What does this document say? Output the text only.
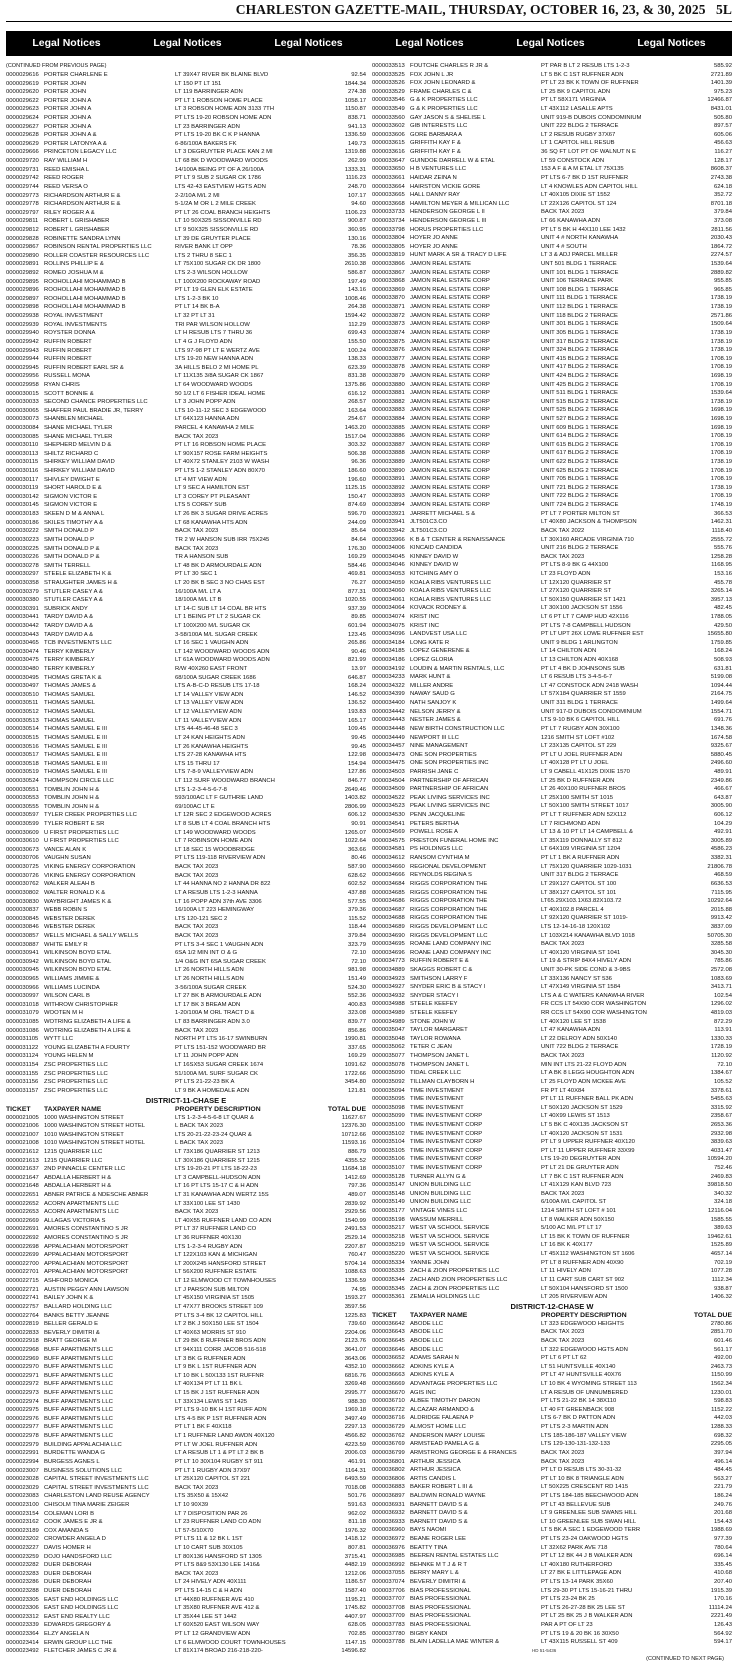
CHARLESTON GAZETTE-MAIL, THURSDAY, OCTOBER 16, 23, & 30, 2025 5L
Legal Notices	Legal Notices	Legal Notices	Legal Notices	Legal Notices	Legal Notices
(CONTINUED FROM PREVIOUS PAGE)
0000029616 PORTER CHARLENE E	LT 39X47 RIVER BK BLAINE BLVD	92.54
0000029619 PORTER JOHN	LT 150 PT LT 151	1844.34
0000029620 PORTER JOHN	LT 119 BARRINGER ADN	274.38
0000029622 PORTER JOHN A	PT LT 1 ROBSON HOME PLACE	1058.17
0000029623 PORTER JOHN A	LT 3 ROBSON HOME ADN 3133 7TH	1150.87
0000029624 PORTER JOHN A	PT LTS 19-20 ROBSON HOME ADN	838.71
0000029627 PORTER JOHN A	LT 23 BARRINGER ADN	941.13
0000029628 PORTER JOHN A &	PT LTS 19-20 BK C K P HANNA	1336.59
0000029629 PORTER LATONYA A &	6-86/100A BAKERS FK	149.73
0000029666 PRINCETON LEGACY LLC	LT 3 DEGRUYTER PLACE KAN 2 MI	1319.88
0000029720 RAY WILLIAM H	LT 68 BK D WOODWARD WOODS	262.99
0000029731 REED EMISHA L	14/100A BEING PT OF A 26/100A	1333.31
0000029742 REED ROGER	PT LT 9 SUB 2 SUGAR CK 1786	1116.23
0000029744 REED VERSA O	LTS 42-43 EASTVIEW HGTS ADN	248.70
0000029773 RICHARDSON ARTHUR E &	2-2/10A M/L 2 MI	107.17
0000029778 RICHARDSON ARTHUR E &	5-1/2A M OR L 2 MILE CREEK	94.60
0000029797 RILEY ROGER A &	PT LT 26 COAL BRANCH HEIGHTS	1106.23
0000029811 ROBERT L GRISHABER	LT 10 50X325 SISSONVILLE RD	900.87
0000029812 ROBERT L GRISHABER	LT 9 50X325 SISSONVILLE RD	360.95
0000029828 ROBINETTE SANDRA LYNN	LT 39 DE GRUYTER PLACE	130.16
0000029867 ROBINSON RENTAL PROPERTIES LLC	RIVER BANK LT OPP	78.36
0000029890 ROLLER COASTER RESOURCES LLC	LTS 2 THRU 8 SEC 1	356.35
0000029891 ROLLINS PHILLIP E &	LT 75X100 SUGAR CK DR 1800	2610.38
0000029892 ROMEO JOSHUA M &	LTS 2-3 WILSON HOLLOW	586.87
0000029895 ROOHOLLAHI MOHAMMAD B	LT 100X200 ROCKAWAY ROAD	197.49
0000029896 ROOHOLLAHI MOHAMMAD B	PT LT 19 GLEN ELK ESTATE	143.16
0000029897 ROOHOLLAHI MOHAMMAD B	LTS 1-2-3 BK 10	1008.46
0000029898 ROOHOLLAHI MOHAMMAD B	PT LT 14 BK B-A	264.38
0000029938 ROYAL INVESTMENT	LT 32 PT LT 31	1594.42
0000029939 ROYAL INVESTMENTS	TRI PAR WILSON HOLLOW	112.29
0000029940 ROYSTER DONNA	LT H RESUB LTS 7 THRU 36	699.43
0000029942 RUFFIN ROBERT	LT 4 G J FLOYD ADN	155.50
0000029943 RUFFIN ROBERT	LTS 97-98 PT LT E WERTZ AVE	100.24
0000029944 RUFFIN ROBERT	LTS 19-20 NEW HANNA ADN	138.33
0000029945 RUFFIN ROBERT EARL SR &	3A HILLS BELO 2 MI HOME PL	623.39
0000029956 RUSSELL MONA	LT 11X135 3/8A SUGAR CK 1867	831.38
0000029958 RYAN CHRIS	LT 64 WOODWARD WOODS	1375.86
0000030015 SCOTT BONNIE &	50 1/2 LT 6 FISHER IDEAL HOME	616.12
0000030033 SECOND CHANCE PROPERTIES LLC	LT 3 JOHN POPP ADN	268.57
0000030065 SHAFFER PAUL BRADIE JR, TERRY	LTS 10-11-12 SEC 3 EDGEWOOD	163.64
0000030073 SHANBLEN MICHAEL	LT 64X123 HANNA ADN	254.67
0000030084 SHANE MICHAEL TYLER	PARCEL 4 KANAWHA 2 MILE	1463.20
0000030085 SHANE MICHAEL TYLER	BACK TAX 2023	1517.04
0000030110 SHEPHERD MELVIN D &	PT LT 16 ROBSON HOME PLACE	303.32
0000030113 SHILTZ RICHARD C	LT 90X157 ROSE FARM HEIGHTS	506.38
0000030115 SHIRKEY WILLIAM DAVID	LT 40X72 STANLEY 2103 W WASH	96.36
0000030116 SHIRKEY WILLIAM DAVID	PT LTS 1-2 STANLEY ADN 80X70	186.60
0000030117 SHIVLEY DWIGHT E	LT 4 MT VIEW ADN	196.60
0000030119 SHORT HAROLD E &	LT 9 SEC A HAMILTON EST	1125.15
0000030142 SIGMON VICTOR E	LT 3 COREY PT PLEASANT	150.47
0000030145 SIGMON VICTOR E	LTS 5 COREY SUB	874.69
0000030183 SKEEN D M & ANNA L	LT 26 BK 3 SUGAR DRIVE ACRES	596.70
0000030186 SKILES TIMOTHY A &	LT 68 KANAWHA HTS ADN	244.09
0000030222 SMITH DONALD P	BACK TAX 2023	85.64
0000030223 SMITH DONALD P	TR 2 W HANSON SUB IRR 75X245	84.64
0000030225 SMITH DONALD P &	BACK TAX 2023	176.30
0000030226 SMITH DONALD P &	TR A HANSON SUB	169.29
0000030278 SMITH TERRELL	LT 48 BK D ARMOURDALE ADN	584.46
0000030297 STEELE ELIZABETH K &	PT LT 30 SEC 1	469.81
0000030358 STRAUGHTER JAMES H &	LT 20 BK B SEC 3 NO CHAS EST	76.27
0000030379 STUTLER CASEY A &	16/100A M/L LT A	877.31
0000030380 STUTLER CASEY A &	18/100A M/L LT B	1020.55
0000030391 SUBRICK ANDY	LT 14-C SUB LT 14 COAL BR HTS	937.39
0000030441 TARDY DAVID A &	LT 1 BEING PT LT 2 SUGAR CK	89.85
0000030442 TARDY DAVID A &	LT 100X200 M/L SUGAR CK	601.94
0000030443 TARDY DAVID A &	3-58/100A M/L SUGAR CREEK	123.45
0000030465 TCB INVESTMENTS LLC	LT 16 SEC 1 VAUGHN ADN	265.86
0000030474 TERRY KIMBERLY	LT 142 WOODWARD WOODS ADN	90.46
0000030475 TERRY KIMBERLY	LT 61A WOODWARD WOODS ADN	821.99
0000030480 TERRY KIMBERLY	R/W 40X260 EAST FRONT	13.97
0000030495 THOMAS GRETA K &	68/100A SUGAR CREEK 1686	646.87
0000030497 THOMAS JAMES &	LTS A-B-C-D RESUB LTS 17-18	168.24
0000030510 THOMAS SAMUEL	LT 14 VALLEY VIEW ADN	146.52
0000030511 THOMAS SAMUEL	LT 13 VALLEY VIEW ADN	136.52
0000030512 THOMAS SAMUEL	LT 12 VALLEYVIEW ADN	193.83
0000030513 THOMAS SAMUEL	LT 11 VALLEYVIEW ADN	165.17
0000030514 THOMAS SAMUEL E III	LTS 44-45-46-48 SEC 3	109.45
0000030515 THOMAS SAMUEL E III	LT 24 KAN HEIGHTS ADN	99.45
0000030516 THOMAS SAMUEL E III	LT 26 KANAWHA HEIGHTS	99.45
0000030517 THOMAS SAMUEL E III	LTS 27-28 KANAWHA HTS	122.98
0000030518 THOMAS SAMUEL E III	LTS 15 THRU 17	154.94
0000030519 THOMAS SAMUEL E III	LTS 7-8-9 VALLEYVIEW ADN	127.86
0000030524 THOMPSON CIRCLE LLC	LT 112 SURF WOODWARD BRANCH	846.77
0000030551 TOMBLIN JOHN H &	LTS 1-2-3-4-5-6-7-8	2649.46
0000030553 TOMBLIN JOHN H &	593/100AC LT F GUTHRIE LAND	1403.82
0000030555 TOMBLIN JOHN H &	69/100AC LT E	2806.99
0000030597 TYLER CREEK PROPERTIES LLC	LT 12R SEC 2 EDGEWOOD ACRES	606.12
0000030599 TYLER ROBERT E SR	LT 8 SUB LT 4 COAL BRANCH HTS	90.91
0000030609 U FIRST PROPERTIES LLC	LT 149 WOODWARD WOODS	1265.07
0000030610 U FIRST PROPERTIES LLC	LT 7 ROBINSON HOME ADN	1022.64
0000030673 VANCE ALAN K	LT 18 SEC 15 WOODBRIDGE	363.66
0000030706 VAUGHN SUSAN	PT LTS 119-118 RIVERVIEW ADN	80.46
0000030725 VIKING ENERGY CORPORATION	BACK TAX 2023	587.90
0000030726 VIKING ENERGY CORPORATION	BACK TAX 2023	628.62
0000030762 WALKER ALEAH B	LT 44 HANNA NO 2 HANNA DR 822	602.52
0000030802 WALTER RONALD K &	LT A RESUB LTS 1-2-3 HANNA	437.88
0000030830 WAYBRIGHT JAMES K &	LT 16 POPP ADN 37th AVE 3306	577.55
0000030837 WEBB ROBIN S	16/100A LT 223 HEMINGWAY	379.36
0000030845 WEBSTER DEREK	LTS 120-121 SEC 2	115.52
0000030846 WEBSTER DEREK	BACK TAX 2023	118.44
0000030857 WELLS MICHAEL & SALLY WELLS	BACK TAX 2023	379.84
0000030887 WHITE EMILY R	PT LTS 3-4 SEC 1 VAUGHN ADN	323.79
0000030941 WILKINSON BOYD ETAL	6SA 1/2 MIN INT O & G	72.10
0000030942 WILKINSON BOYD ETAL	1/4 O&G INT 6SA SUGAR CREEK	72.10
0000030945 WILKINSON BOYD ETAL	LT 26 NORTH HILLS ADN	981.98
0000030965 WILLIAMS JIMMIE &	LT 26 NORTH HILLS ADN	151.49
0000030966 WILLIAMS LUCINDA	3-56/100A SUGAR CREEK	524.30
0000030997 WILSON CARL B	LT 27 BK B ARMOURDALE ADN	552.36
0000031018 WITHROW CHRISTOPHER	LT 17 BK 3 BREAM ADN	400.83
0000031079 WOOTEN M H	1-20/100A M ORL TRACT D &	323.08
0000031085 WOTRING ELIZABETH A LIFE &	LT 83 BARRINGER ADN 3.0	839.77
0000031086 WOTRING ELIZABETH A LIFE &	BACK TAX 2023	856.86
0000031105 WYTT LLC	NORTH PT LTS 16-17 SWINBURN	1990.81
0000031122 YOUNG ELIZABETH A FOURTY	PT LTS 151-152 WOODWARD BR	337.65
0000031124 YOUNG HELEN M	LT 11 JOHN POPP ADN	169.29
0000031154 ZSC PROPERTIES LLC	LT 16SX53 SUGAR CREEK 1674	1091.62
0000031155 ZSC PROPERTIES LLC	51/100A M/L SURF SUGAR CK	1722.66
0000031156 ZSC PROPERTIES LLC	PT LTS 21-22-23 BK A	3454.80
0000031157 ZSC PROPERTIES LLC	LT 9 BK A HOMEDALE ADN	121.81
DISTRICT-11-CHASE E
TICKET	TAXPAYER NAME	PROPERTY DESCRIPTION	TOTAL DUE
0000021005 1000 WASHINGTON STREET	LTS 1-2-3-4-5-6-8 LT QUAR &	11627.67
0000021006 1000 WASHINGTON STREET HOTEL	L BACK TAX 2023	12376.30
0000021007 1010 WASHINGTON STREET	LTS 20-21-22-23-24 QUAR &	10712.66
0000021008 1010 WASHINGTON STREET HOTEL	L BACK TAX 2023	11593.16
0000021612 1215 QUARRIER LLC	LT 73X186 QUARRIER ST 1213	886.79
0000021613 1215 QUARRIER LLC	LT 30X186 QUARRIER ST 1215	4355.52
0000021637 2ND PINNACLE CENTER LLC	LTS 19-20-21 PT LTS 18-22-23	11684.18
0000021647 ABDALLA HERBERT H &	LT 3 CAMPBELL-HUDSON ADN	1412.69
0000021648 ABDALLA HERBERT H &	LT 16 PT LTS 15-17 C & H ADN	797.36
0000022651 ABNER PATRICE & NDESCHE ABNER	LT 31 KANAWHA ADN WERTZ 15S	489.07
0000022652 ACORN APARTMENTS LLC	LT 33X100 LEE ST 1430	2839.92
0000022653 ACORN APARTMENTS LLC	BACK TAX 2023	2929.56
0000022669 ALLAGAS VICTORIA S	LT 40X55 RUFFNER LAND CO ADN	1540.99
0000022691 AMORES CONSTANTINO S JR	PT LT 37 RUFFNER LAND CO	2491.53
0000022692 AMORES CONSTANTINO S JR	LT 36 RUFFNER 40X130	2529.14
0000022698 APPALACHIAN MOTORSPORT	LTS 1-2-3-4 RUGBY ADN	2207.87
0000022699 APPALACHIAN MOTORSPORT	LT 122X103 KAN & MICHIGAN	760.47
0000022700 APPALACHIAN MOTORSPORT	LT 200X245 HANSFORD STREET	5704.14
0000022701 APPALACHIAN MOTORSPORT	LT 56X200 RUFFNER ESTATE	1088.63
0000022715 ASHFORD MONICA	LT 12 ELMWOOD CT TOWNHOUSES	1336.59
0000022721 AUSTIN PEGGY ANN LAWSON	LT J PARSON SUB MILTON	74.95
0000022741 BAILEY JOHN K &	LT 45X150 VIRGINIA ST 1505	1593.27
0000022757 BALLARD HOLDING LLC	LT 47X77 BROOKS STREET 109	3597.56
0000022764 BANKS BETTY JEANNE	PT LTS 3-4 BK 12 CAPITOL HILL	1225.83
0000022819 BELLER GERALD E	LT 2 BK J 50X150 LEE ST 1504	739.60
0000022833 BEVERLY DIMITRI &	LT 40X63 MORRIS ST 910	2204.06
0000022918 BRATT GEORGE M	LT 29 BK 8 RUFFNER BROS ADN	2123.76
0000022968 BUFF APARTMENTS LLC	LT 94X111 CORR JACOB 516-518	3641.07
0000022969 BUFF APARTMENTS LLC	LT 3 BK G RUFFNER ADN	3643.06
0000022970 BUFF APARTMENTS LLC	LT 9 BK L 1ST RUFFNER ADN	4352.10
0000022971 BUFF APARTMENTS LLC	LT 10 BK L 50X133 1ST RUFFNR	6816.76
0000022972 BUFF APARTMENTS LLC	LT 40X134 PT LT 11 BK L	3269.48
0000022973 BUFF APARTMENTS LLC	LT 15 BK J 1ST RUFFNER ADN	2995.77
0000022974 BUFF APARTMENTS LLC	LT 33X134 LEWIS ST 1425	988.30
0000022975 BUFF APARTMENTS LLC	PT LTS 9-10 BK H 1ST RUFF ADN	1969.18
0000022976 BUFF APARTMENTS LLC	LTS 4-5 BK P 1ST RUFFNER ADN	3497.49
0000022977 BUFF APARTMENTS LLC	PT LT 1 BK F 40X118	2297.13
0000022978 BUFF APARTMENTS LLC	LT 1 RUFFNER LAND AWDN 40X120	4566.82
0000022979 BUILDING APPALACHIA LLC	PT LT W JOEL RUFFNER ADN	4223.59
0000022991 BURDETTE WANDA G	LT A RESUB LT 1 & PT LT 2 BK B	2006.03
0000022994 BURGESS AGNES L	PT LT 10 30X104 RUGBY ST 911	461.91
0000023007 BUSINESS SOLUTIONS LLC	PT LT 1 RUGBY ADN 37X97	1164.31
0000023028 CAPITAL STREET INVESTMENTS LLC	LT 25X120 CAPITOL ST 221	6493.59
0000023029 CAPITAL STREET INVESTMENTS LLC	BACK TAX 2023	7018.08
0000023083 CHARLESTON LAND REUSE AGENCY	LTS 35X50 & 15X42	501.76
0000023100 CHISOLM TINA MARIE ZEIGER	LT 10 90X39	591.63
0000023154 COLEMAN LORI B	LT 7 DISPOSITION PAR 26	962.02
0000023162 COOK JAMES E JR &	LT 23 RUFFNER LAND CO ADN	811.18
0000023189 COX AMANDA S	LT 57-5/10X70	1976.32
0000023202 CROWDER ANGELA D	PT LTS 11 & 12 BK L 1ST	1418.12
0000023227 DAVIS HOMER H	LT 10 CART SUB 30X105	807.81
0000023259 DOJO HANDSFORD LLC	LT 80X136 HANSFORD ST 1305	3715.41
0000023282 DUER DEBORAH	PT LTS 8&9 53X130 LEE 1416&	4482.19
0000023283 DUER DEBORAH	BACK TAX 2023	1212.06
0000023286 DUER DEBORAH	LT 24 HIVELY ADN 40X111	1186.57
0000023288 DUER DEBORAH	PT LTS 14-15 C & H ADN	1587.40
0000023305 EAST END HOLDINGS LLC	LT 44X80 RUFFNER AVE 410	1195.21
0000023306 EAST END HOLDINGS LLC	LT 35X80 RUFFNER AVE 412 &	1745.82
0000023312 EAST END REALTY LLC	LT 35X44 LEE ST 1442	4407.97
0000023339 EDWARDS GREGORY &	LT 60X520 EAST WILSON WAY	628.05
0000023364 ELZY ANGELA N	PT LT 12 GRANDVIEW ADN	702.85
0000023414 ERWIN GROUP LLC THE	LT 6 ELMWOOD COURT TOWNHOUSES	1147.15
0000023492 FLETCHER JAMES C JR &	LT 81X174 BROAD 216-218-220-	14596.82
0000033513 FOUTCHE CHARLES R JR &	PT PAR B LT 2 RESUB LTS 1-2-3	585.92
0000033525 FOX JOHN L JR	LT 5 BK C 1ST RUFFNER ADN	2721.89
0000033526 FOX JOHN LEONARD &	PT LT 23 BK K TOWN OF RUFFNER	1401.39
0000033529 FRAME CHARLES C &	LT 25 BK 9 CAPITOL ADN	975.23
0000033546 G & K PROPERTIES LLC	PT LT 58X171 VIRGINIA	12466.87
0000033549 G & K PROPERTIES LLC	LT 43X112 LASALLE APTS	8431.01
0000033560 GAY JASON S & SHELISE L	UNIT 919-B DUBOIS CONDOMINIUM	505.80
0000033602 GIB INTERESTS LLC	UNIT 222 BLDG 2 TERRACE	897.57
0000033606 GORE BARBARA A	LT 2 RESUB RUGBY 37X67	605.06
0000033615 GRIFFITH KAY F &	LT 1 CAPITOL HILL RESUB	456.63
0000033616 GRIFFITH KAY F &	36 SQ FT LOT PT OF WALNUT N E	116.27
0000033647 GUINDOE DARRELL W & ETAL	LT 59 CONSTOCK ADN	128.17
0000033650 H B VENTURES LLC	153 A F & A M ETAL LT 75X135	8608.37
0000033661 HAIDAR ZEINA N	PT LTS 6-7 BK D 1ST RUFFNER	2743.38
0000033664 HAIRSTON VICKIE GORE	LT 4 KNOWLES ADN CAPITOL HILL	624.18
0000033665 HALL DANNY RAY	LT 40X105 DIXIE ST 1552	352.72
0000033668 HAMILTON MEYER & MILLICAN LLC	LT 22X126 CAPITOL ST 124	8701.18
0000033733 HENDERSON GEORGE L II	BACK TAX 2023	379.84
0000033734 HENDERSON GEORGE L III	LT 66 KANAWHA ADN	373.08
0000033798 HORUS PROPERTIES LLC	PT LT 5 BK H 44X110 LEE 1432	2811.56
0000033804 HOYER JO ANNE	UNIT 4 # NORTH KANAWHA	2030.43
0000033805 HOYER JO ANNE	UNIT 4 # SOUTH	1864.72
0000033819 HUNT MARK A SR & TRACY D LIFE	LT 3 & ADJ PARCEL MILLER	2274.57
0000033866 JAMON REAL ESTATE	UNT 501 BLDG 1 TERRACE	1539.64
0000033867 JAMON REAL ESTATE CORP	UNIT 101 BLDG 1 TERRACE	2889.82
0000033868 JAMON REAL ESTATE CORP	UNIT 106 TERRACE PARK	955.85
0000033869 JAMON REAL ESTATE CORP	UNIT 108 BLDG 1 TERRACE	965.85
0000033870 JAMON REAL ESTATE CORP	UNIT 111 BLDG 1 TERRACE	1738.19
0000033871 JAMON REAL ESTATE CORP	UNIT 112 BLDG 1 TERRACE	1738.19
0000033872 JAMON REAL ESTATE CORP	UNIT 118 BLDG 2 TERRACE	2571.86
0000033873 JAMON REAL ESTATE CORP	UNIT 301 BLDG 1 TERRACE	1509.64
0000033874 JAMON REAL ESTATE CORP	UNIT 305 BLDG 1 TERRACE	1738.19
0000033875 JAMON REAL ESTATE CORP	UNIT 317 BLDG 2 TERRACE	1738.19
0000033876 JAMON REAL ESTATE CORP	UNIT 324 BLDG 2 TERRACE	1738.19
0000033877 JAMON REAL ESTATE CORP	UNIT 415 BLDG 2 TERRACE	1708.19
0000033878 JAMON REAL ESTATE CORP	UNIT 417 BLDG 2 TERRACE	1708.19
0000033879 JAMON REAL ESTATE CORP	UNIT 424 BLDG 2 TERRACE	1698.19
0000033880 JAMON REAL ESTATE CORP	UNIT 425 BLDG 2 TERRACE	1708.19
0000033881 JAMON REAL ESTATE CORP	UNIT 511 BLDG 1 TERRACE	1539.64
0000033882 JAMON REAL ESTATE CORP	UNIT 515 BLDG 2 TERRACE	1738.19
0000033883 JAMON REAL ESTATE CORP	UNIT 525 BLDG 2 TERRACE	1698.19
0000033884 JAMON REAL ESTATE CORP	UNIT 527 BLDG 2 TERRACE	1698.19
0000033885 JAMON REAL ESTATE CORP	UNIT 609 BLDG 1 TERRACE	1698.19
0000033886 JAMON REAL ESTATE CORP	UNIT 614 BLDG 2 TERRACE	1708.19
0000033887 JAMON REAL ESTATE CORP	UNIT 615 BLDG 2 TERRACE	1708.19
0000033888 JAMON REAL ESTATE CORP	UNIT 617 BLDG 2 TERRACE	1708.19
0000033889 JAMON REAL ESTATE CORP	UNIT 622 BLDG 2 TERRACE	1738.19
0000033890 JAMON REAL ESTATE CORP	UNIT 625 BLDG 2 TERRACE	1708.19
0000033891 JAMON REAL ESTATE CORP	UNIT 705 BLDG 1 TERRACE	1708.19
0000033892 JAMON REAL ESTATE CORP	UNIT 721 BLDG 2 TERRACE	1738.19
0000033893 JAMON REAL ESTATE CORP	UNIT 722 BLDG 2 TERRACE	1708.19
0000033894 JAMON REAL ESTATE CORP	UNIT 724 BLDG 2 TERRACE	1748.19
0000033921 JARRETT MICHAEL S &	PT LT 7 PORTER MILTON ST	366.53
0000033941 JLT501C3.CO	LT 40X80 JACKSON & THOMPSON	1462.31
0000033942 JLT501C3.CO	BACK TAX 2022	1118.40
0000033966 K B & T CENTER & RENAISSANCE	LT 30X160 ARCADE VIRGINIA 710	2555.72
0000034006 KINCAID CANDIDA	UNIT 216 BLDG 2 TERRACE	555.76
0000034045 KINNEY DAVID W	BACK TAX 2023	1258.28
0000034046 KINNEY DAVID W	PT LTS 8-9 BK G 44X100	1168.95
0000034053 KITCHING AMY O	LT 23 FLOYD ADN	153.16
0000034059 KOALA RIBS VENTURES LLC	LT 12X120 QUARRIER ST	455.78
0000034060 KOALA RIBS VENTURES LLC	LT 27X120 QUARRIER ST	3265.14
0000034061 KOALA RIBS VENTURES LLC	LT 50X150 QUARRIER ST 1421	3957.13
0000034064 KOVACK RODNEY &	LT 30X100 JACKSON ST 1556	482.45
0000034074 KRIST INC	LT 6 PT LT 7 CAMP HUD 42X116	1788.05
0000034075 KRIST INC	PT LTS 7-8 CAMPBELL HUDSON	429.50
0000034096 LANDVEST USA LLC	PT LT UPT 26X LOWE RUFFNER EST	15655.80
0000034184 LONG KATE R	UNIT 9 BLDG 1 ARLINGTON	1759.85
0000034185 LOPEZ GENERENE &	LT 14 CHILTON ADN	168.24
0000034186 LOPEZ GLORIA	LT 13 CHILTON ADN 40X168	508.93
0000034192 LOUDIN & MARTIN RENTALS, LLC	PT LT 4 BK D JOHNSONS SUB	631.81
0000034233 MARK HUNT &	LT 6 RESUB LTS 3-4-5-6-7	5199.08
0000034322 MILLER ANDRE	LT 47 CONSTOCK ADN 2418 WASH	1094.44
0000034399 NAWAY SAUD G	LT 57X184 QUARRIER ST 1559	2164.75
0000034400 NATH SANJOY K	UNIT 311 BLDG 1 TERRACE	1499.64
0000034442 NELSON JERRY &	UNIT 917-D DUBOIS CONDOMINIUM	1554.71
0000034443 NESTER JAMES &	LTS 9-10 BK 6 CAPITOL HILL	691.76
0000034448 NEW BIRTH CONSTRUCTION LLC	PT LT 7 RUGBY ADN 30X100	1348.36
0000034449 NEWPORT III LLC	1216 SMITH ST LOFT #102	1674.58
0000034457 NINE MANAGEMENT	LT 23X135 CAPITOL ST 229	9325.67
0000034473 ONE SON PROPERTIES	PT LT U JOEL RUFFNER ADN	5880.45
0000034475 ONE SON PROPERTIES INC	LT 40X128 PT LT U JOEL	2496.60
0000034503 PARRISH JANE C	LT 9 CABELL 41X125 DIXIE 1570	489.91
0000034504 PARTNERSHIP OF AFRICAN	LT 25 BK D RUFFNER ADN	2349.86
0000034509 PARTNERSHIP OF AFRICAN	LT 26 40X100 RUFFNER BROS	466.67
0000034522 PEAK LIVING SERVICES INC	LT 25X100 SMITH ST 1015	643.87
0000034523 PEAK LIVING SERVICES INC	LT 50X100 SMITH STREET 1017	3005.90
0000034530 PENN JACQUELINE	PT LT T RUFFNER ADN 52X112	606.12
0000034541 PETERS BERTHA	LT 7 RICHMOND ADN	104.29
0000034569 POWELL ROSE A	LT 13 & 10 PT LT 14 CAMPBELL &	492.91
0000034575 PRESTON FUNERAL HOME INC	LT 35X119 DONNALLY ST 812	3005.89
0000034581 PS HOLDINGS LLC	LT 64X109 VIRGINIA ST 1204	4586.23
0000034612 RANSOM CYNTHIA M	PT LT 1 BK A RUFFNER ADN	3382.31
0000034660 REGIONAL DEVELOPMENT	LT 75X120 QUARRIER 1029-1031	21806.78
0000034666 REYNOLDS REGINA S	UNIT 317 BLDG 2 TERRACE	468.59
0000034684 RIGGS CORPORATION THE	LT 29X127 CAPITOL ST 100	6636.53
0000034685 RIGGS CORPORATION THE	LT 38X127 CAPITOL ST 101	7115.95
0000034686 RIGGS CORPORATION THE	LT65.29X103.1X63.82X103.72	10292.64
0000034687 RIGGS CORPORATION THE	LT 40X102.8 PARCEL 4	2015.88
0000034688 RIGGS CORPORATION THE	LT 92X120 QUARRIER ST 1019-	9913.42
0000034689 RIGGS DEVELOPMENT LLC	LTS 12-14-16-18 120X102	3837.09
0000034690 RIGGS DEVELOPMENT LLC	LT 103X214 KANAWHA BLVD 1018	50705.30
0000034695 ROANE LAND COMPANY INC	BACK TAX 2023	3285.58
0000034696 ROANE LAND COMPANY INC	LT 40X120 VIRGINIA ST 1041	3045.30
0000034773 RUFFIN ROBERT E &	LT 19 & STRIP 84X4 HIVELY ADN	785.86
0000034889 SKAGGS ROBERT C &	UNIT 30-PK SIDE COND & 3-9BS	2572.08
0000034923 SMITHSON LARRY F	LT 33X136 NANCY ST 536	1083.69
0000034927 SNYDER ERIC B & STACY I	LT 47X149 VIRGINIA ST 1584	3413.71
0000034932 SNYDER STACY I	LTS A & C WATERS KANAWHA RIVER	102.54
0000034988 STEELE KEEFEY	FR CCS LT 54X90 COR WASHINGTON	1296.02
0000034989 STEELE KEEFEY	RR CCS LT 54X90 COR WASHINGTON	4819.03
0000034989 STONE JOHN W	LT 40X120 LEE ST 1538	872.29
0000035047 TAYLOR MARGARET	LT 47 KANAWHA ADN	113.91
0000035048 TAYLOR ROWANA	LT 22 DELROY ADN 50X140	1330.33
0000035062 TETER C JEAN	UNIT 722 BLDG 2 TERRACE	1728.19
0000035077 THOMPSON JANET L	BACK TAX 2023	1120.92
0000035078 THOMPSON JANET L	MIN INT LTS 21-22 FLOYD ADN	72.10
0000035090 TIDAL CREEK LLC	LT A BK 8 LEGG HOUGHTON ADN	1384.67
0000035092 TILLMAN CLAYBORN H	LT 25 FLOYD ADN MCKEE AVE	105.52
0000035094 TIME INVESTMENT	FR PT LT 40X84	3378.61
0000035095 TIME INVESTMENT	PT LT 11 RUFFNER BALL PK ADN	5455.63
0000035098 TIME INVESTMENT	LT 50X120 JACKSON ST 1529	3315.92
0000035099 TIME INVESTMENT CORP	LT 40X99 LEWIS ST 1513	2358.67
0000035100 TIME INVESTMENT CORP	LT 5 BK C 40X135 JACKSON ST	2653.36
0000035102 TIME INVESTMENT CORP	LT 40X120 JACKSON ST 1531	2932.98
0000035104 TIME INVESTMENT CORP	PT LT 9 UPPER RUFFNER 40X120	3839.63
0000035105 TIME INVESTMENT CORP	PT LT 11 UPPER RUFFNER 33X99	4031.47
0000035106 TIME INVESTMENT CORP	LTS 19-20 DEGRUYTER ADN	10594.20
0000035107 TIME INVESTMENT CORP	PT LT 21 DE GRUYTER ADN	752.46
0000035128 TURNER ALLYN G &	LT 7 BK C 1ST RUFFNER ADN	2469.83
0000035147 UNION BUILDING LLC	LT 41X129 KAN BLVD 723	39818.50
0000035148 UNION BUILDING LLC	BACK TAX 2023	340.32
0000035149 UNION BUILDING LLC	6/100A M/L CAPITOL ST	324.18
0000035177 VINTAGE VINES LLC	1214 SMITH ST LOFT # 101	12116.04
0000035198 WASSUM MERRILL	LT 8 WALKER ADN 50X150	1585.55
0000035217 WEST VA SCHOOL SERVICE	5/100 AC M/L PT LT 17	389.63
0000035218 WEST VA SCHOOL SERVICE	LT 15 BK K TOWN OF RUFFNER	19462.61
0000035219 WEST VA SCHOOL SERVICE	LT 16 BK K 40X177	1525.89
0000035220 WEST VA SCHOOL SERVICE	LT 45X112 WASHINGTON ST 1606	4657.14
0000035334 YANNIE JOHN	PT LT 8 RUFFNER ADN 40X90	702.19
0000035335 ZACH & ZION PROPERTIES LLC	LT 11 HIVELY ADN	1077.28
0000035344 ZACH AND ZION PROPERTIES LLC	LT 11 CART SUB CART ST 902	1112.34
0000035345 ZACH & ZION PROPERTIES LLC	LT 50X104 HANSFORD ST 1500	938.87
0000035361 ZEMALIA HOLDINGS LLC	LT 205 RIVERVIEW ADN	1406.32
DISTRICT-12-CHASE W
TICKET	TAXPAYER NAME	PROPERTY DESCRIPTION	TOTAL DUE
0000036642 ABODE LLC	LT 323 EDGEWOOD HEIGHTS	2780.86
0000036643 ABODE LLC	BACK TAX 2023	2851.70
0000036645 ABODE LLC	BACK TAX 2023	601.46
0000036646 ABODE LLC	LT 322 EDGEWOOD HGTS ADN	561.17
0000036652 ADAMS SARAH N	PT LT 6 PT LT 62	492.00
0000036662 ADKINS KYLE A	LT 51 HUNTSVILLE 40X140	2463.73
0000036663 ADKINS KYLE A	PT LT 47 HUNTSVILLE 40X76	1150.99
0000036669 ADVANTAGE PROPERTIES LLC	LT 10 BK 4 WYOMING STREET 113	1562.34
0000036670 AGIS INC	LT A RESUB OF UNNUMBERED	1230.01
0000036710 ALBEE TIMOTHY DARON	PT LTS 21-22 BK 14 38X110	598.83
0000036722 ALCAZAR ARMANDO &	LT 40 FT GREENBACK 908	1152.22
0000036716 ALDRIDGE FALAENA P	LTS 6-7 BK D PATTON ADN	442.03
0000036729 ALMOST HOME LLC	PT LTS 2-3 MARTIN ADN	1288.33
0000036762 ANDERSON MARY LOUISE	LTS 185-186-187 VALLEY VIEW	698.32
0000036769 ARMSTEAD PAMELA G &	LTS 129-130-131-132-133	2295.05
0000036799 ARMSTRONG GEORGE E & FRANCES	BACK TAX 2023	397.94
0000036801 ARTHUR JESSICA	BACK TAX 2023	496.14
0000036802 ARTHUR JESSICA	PT LT D RESUB LTS 30-31-32	484.45
0000036806 ARTIS CANDIS L	PT LT 10 BK 8 TRIANGLE ADN	563.27
0000036883 BAKER ROBERT L III &	LT 50X225 CRESCENT RD 1415	221.79
0000036897 BALDWIN RONALD WAYNE	PT LTS 184-185 BEECHWOOD ADN	186.24
0000036931 BARNETT DAVID S &	PT LT 43 BELLEVUE SUB	249.76
0000036932 BARNETT DAVID S &	LT 9 GREENLEE SUB SWANS HILL	201.68
0000036933 BARNETT DAVID S &	LT 10 GREENLEE SUB SWAN HILL	154.43
0000036960 BAYS NAOMI	LT 5 BK A SEC 1 EDGEWOOD TERR	1988.69
0000036972 BEANE ROGER LEE	PT LTS 23-24 OAKWOOD HGTS	977.39
0000036976 BEATTY TINA	LT 32X62 PARK AVE 718	780.64
0000036985 BEEREN RENTAL ESTATES LLC	PT LT 12 BK 44 J B WALKER ADN	696.14
0000036992 BEHNKE M T J & R T	LT 40X180 RUTHERFORD	335.45
0000037055 BERRY MARY L &	LT 27 BK E LITTLEPAGE ADN	410.68
0000037074 BEVERLY DIMITRI &	PT LTS 13-14 PARK 35X60	207.40
0000037706 BIAS PROFESSIONAL	LTS 29-30 PT LTS 15-16-21 THRU	1915.39
0000037707 BIAS PROFESSIONAL	PT LTS 23-24 BK 25	170.16
0000037708 BIAS PROFESSIONAL	PT LTS 26-27-28 BK 25 LEE ST	11114.24
0000037709 BIAS PROFESSIONAL	PT LT 25 BK 25 J B WALKER ADN	2221.49
0000037783 BIAS PROFESSIONAL	PAR A PT OF LT 23	126.43
0000037780 BIGBY KANDI	PT LTS 19 & 20 BK 16 30X50	564.92
0000037788 BLAIN LADELLA MAE WINTER &	LT 43X115 RUSSELL ST 409	594.17
HD 51-5436
(CONTINUED TO NEXT PAGE)
